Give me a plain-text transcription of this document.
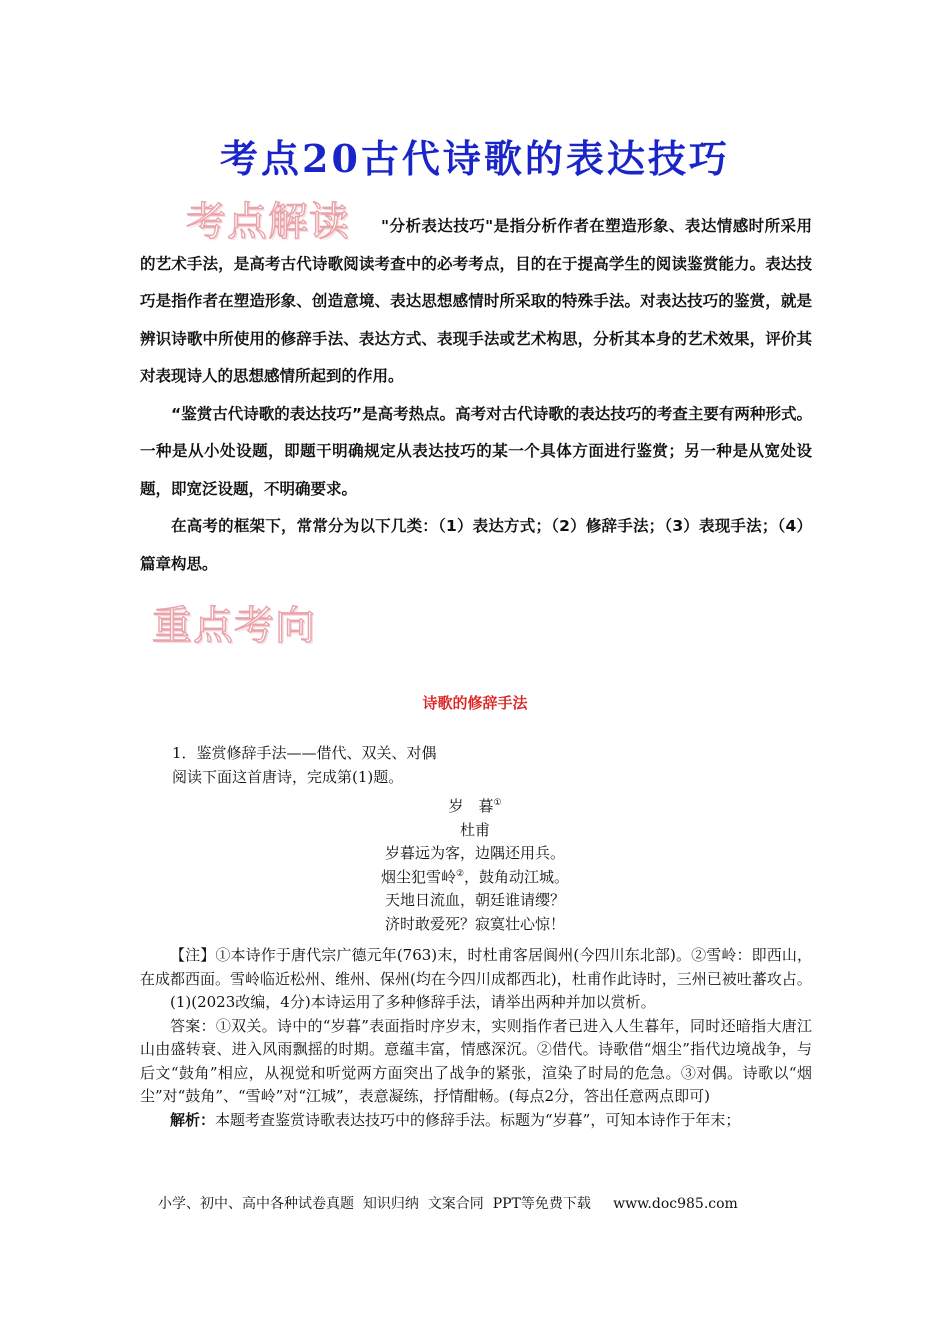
考点20古代诗歌的表达技巧
考点解读	"分析表达技巧"是指分析作者在塑造形象、表达情感时所采用的艺术手法，是高考古代诗歌阅读考查中的必考考点，目的在于提高学生的阅读鉴赏能力。表达技巧是指作者在塑造形象、创造意境、表达思想感情时所采取的特殊手法。对表达技巧的鉴赏，就是辨识诗歌中所使用的修辞手法、表达方式、表现手法或艺术构思，分析其本身的艺术效果，评价其对表现诗人的思想感情所起到的作用。

“鉴赏古代诗歌的表达技巧”是高考热点。高考对古代诗歌的表达技巧的考查主要有两种形式。一种是从小处设题，即题干明确规定从表达技巧的某一个具体方面进行鉴赏；另一种是从宽处设题，即宽泛设题，不明确要求。

在高考的框架下，常常分为以下几类：（1）表达方式；（2）修辞手法；（3）表现手法；（4）篇章构思。

重点考向
诗歌的修辞手法

1．鉴赏修辞手法——借代、双关、对偶

阅读下面这首唐诗，完成第(1)题。

岁　暮①
杜甫
岁暮远为客，边隅还用兵。
烟尘犯雪岭②，鼓角动江城。
天地日流血，朝廷谁请缨？
济时敢爱死？寂寞壮心惊！

【注】①本诗作于唐代宗广德元年(763)末，时杜甫客居阆州(今四川东北部)。②雪岭：即西山，在成都西面。雪岭临近松州、维州、保州(均在今四川成都西北)，杜甫作此诗时，三州已被吐蕃攻占。

(1)(2023改编，4分)本诗运用了多种修辞手法，请举出两种并加以赏析。

答案：①双关。诗中的“岁暮”表面指时序岁末，实则指作者已进入人生暮年，同时还暗指大唐江山由盛转衰、进入风雨飘摇的时期。意蕴丰富，情感深沉。②借代。诗歌借“烟尘”指代边境战争，与后文“鼓角”相应，从视觉和听觉两方面突出了战争的紧张，渲染了时局的危急。③对偶。诗歌以“烟尘”对“鼓角”、“雪岭”对“江城”，表意凝练，抒情酣畅。(每点2分，答出任意两点即可)

解析：本题考查鉴赏诗歌表达技巧中的修辞手法。标题为“岁暮”，可知本诗作于年末；

小学、初中、高中各种试卷真题  知识归纳  文案合同  PPT等免费下载     www.doc985.com
